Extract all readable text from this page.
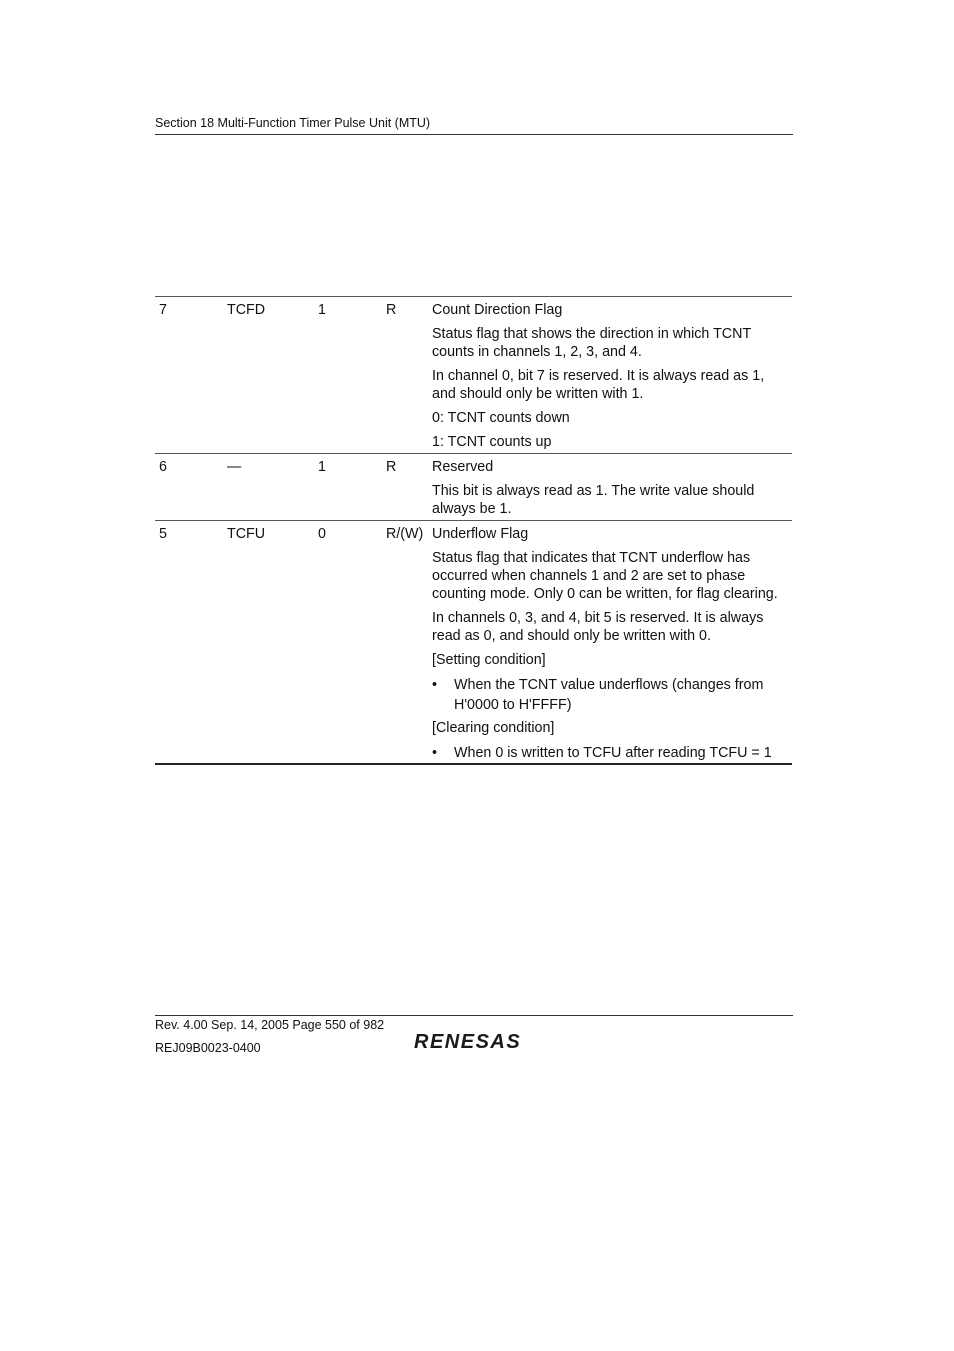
Section 18 Multi-Function Timer Pulse Unit (MTU)
7	TCFD	1	R Count Direction Flag

Status flag that shows the direction in which TCNT counts in channels 1, 2, 3, and 4.

In channel 0, bit 7 is reserved. It is always read as 1, and should only be written with 1.

0: TCNT counts down

1: TCNT counts up

6	—	1	R Reserved

This bit is always read as 1. The write value should always be 1.

5	TCFU	0	R/(W) Underflow Flag

Status flag that indicates that TCNT underflow has occurred when channels 1 and 2 are set to phase counting mode. Only 0 can be written, for flag clearing.

In channels 0, 3, and 4, bit 5 is reserved. It is always read as 0, and should only be written with 0.

[Setting condition]

• When the TCNT value underflows (changes from H'0000 to H'FFFF)

[Clearing condition]

• When 0 is written to TCFU after reading TCFU = 1
Rev. 4.00 Sep. 14, 2005 Page 550 of 982
REJ09B0023-0400	RENESAS
